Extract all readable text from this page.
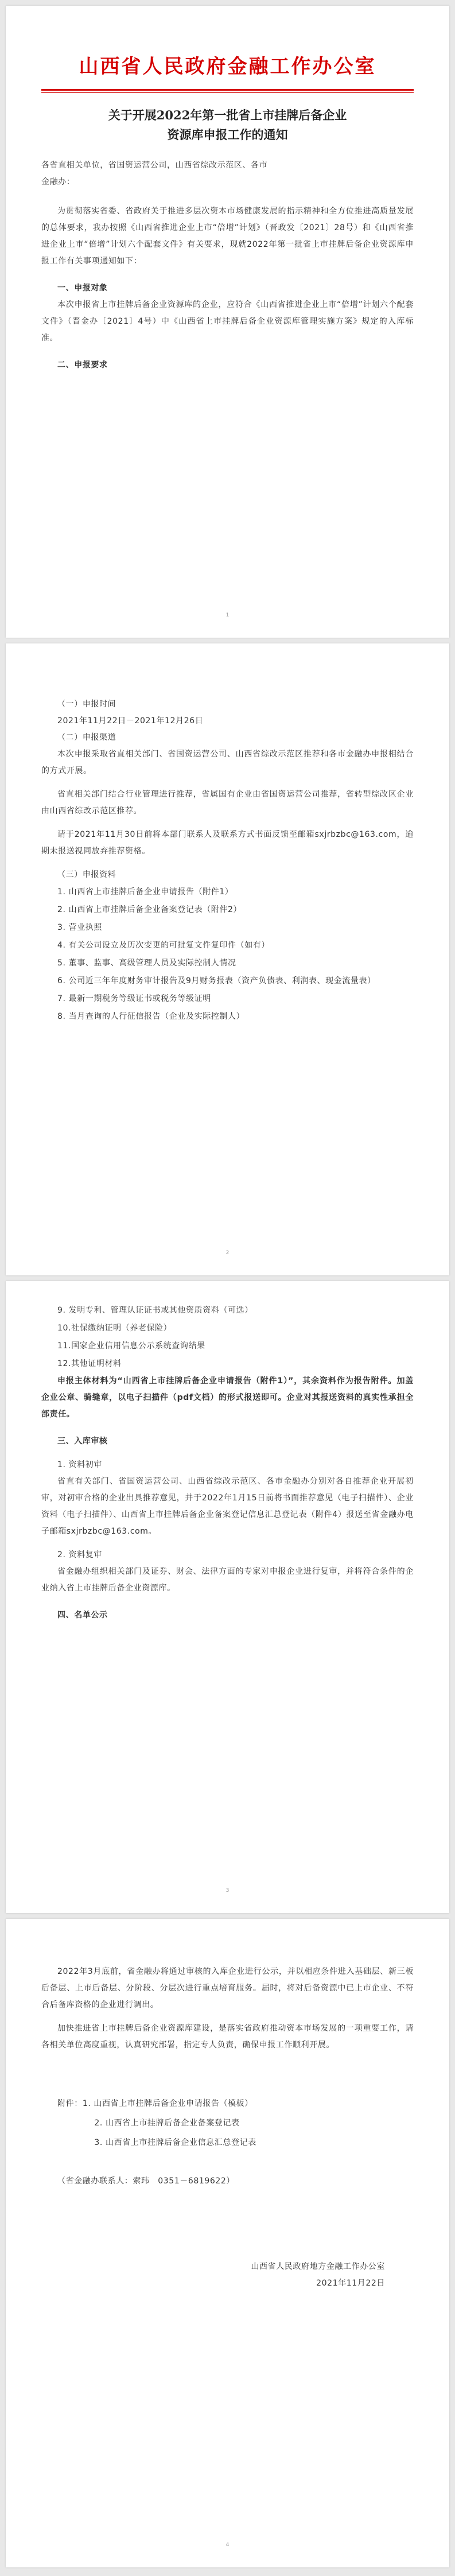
山西省人民政府金融工作办公室
关于开展2022年第一批省上市挂牌后备企业
资源库申报工作的通知

各省直相关单位，省国资运营公司，山西省综改示范区、各市

金融办：

为贯彻落实省委、省政府关于推进多层次资本市场健康发展的指示精神和全方位推进高质量发展的总体要求，我办按照《山西省推进企业上市“倍增”计划》（晋政发〔2021〕28号）和《山西省推进企业上市“倍增”计划六个配套文件》有关要求，现就2022年第一批省上市挂牌后备企业资源库申报工作有关事项通知如下：

一、申报对象

本次申报省上市挂牌后备企业资源库的企业，应符合《山西省推进企业上市“倍增”计划六个配套文件》（晋金办〔2021〕4号）中《山西省上市挂牌后备企业资源库管理实施方案》规定的入库标准。

二、申报要求

1

（一）申报时间

2021年11月22日－2021年12月26日

（二）申报渠道

本次申报采取省直相关部门、省国资运营公司、山西省综改示范区推荐和各市金融办申报相结合的方式开展。

省直相关部门结合行业管理进行推荐，省属国有企业由省国资运营公司推荐，省转型综改区企业由山西省综改示范区推荐。

请于2021年11月30日前将本部门联系人及联系方式书面反馈至邮箱sxjrbzbc@163.com，逾期未报送视同放弃推荐资格。

（三）申报资料

1. 山西省上市挂牌后备企业申请报告（附件1）
2. 山西省上市挂牌后备企业备案登记表（附件2）
3. 营业执照
4. 有关公司设立及历次变更的可批复文件复印件（如有）
5. 董事、监事、高级管理人员及实际控制人情况
6. 公司近三年年度财务审计报告及9月财务报表（资产负债表、利润表、现金流量表）
7. 最新一期税务等级证书或税务等级证明
8. 当月查询的人行征信报告（企业及实际控制人）
2
9. 发明专利、管理认证证书或其他资质资料（可选）
10.社保缴纳证明（养老保险）
11.国家企业信用信息公示系统查询结果
12.其他证明材料

申报主体材料为“山西省上市挂牌后备企业申请报告（附件1）”，其余资料作为报告附件。加盖企业公章、骑缝章，以电子扫描件（pdf文档）的形式报送即可。企业对其报送资料的真实性承担全部责任。

三、入库审核

1. 资料初审

省直有关部门、省国资运营公司、山西省综改示范区、各市金融办分别对各自推荐企业开展初审，对初审合格的企业出具推荐意见，并于2022年1月15日前将书面推荐意见（电子扫描件）、企业资料（电子扫描件）、山西省上市挂牌后备企业备案登记信息汇总登记表（附件4）报送至省金融办电子邮箱sxjrbzbc@163.com。

2. 资料复审

省金融办组织相关部门及证券、财会、法律方面的专家对申报企业进行复审，并将符合条件的企业纳入省上市挂牌后备企业资源库。

四、名单公示

3

2022年3月底前，省金融办将通过审核的入库企业进行公示，并以相应条件进入基础层、新三板后备层、上市后备层、分阶段、分层次进行重点培育服务。届时，将对后备资源中已上市企业、不符合后备库资格的企业进行调出。

加快推进省上市挂牌后备企业资源库建设，是落实省政府推动资本市场发展的一项重要工作，请各相关单位高度重视，认真研究部署，指定专人负责，确保申报工作顺利开展。

附件：1. 山西省上市挂牌后备企业申请报告（模板）

2. 山西省上市挂牌后备企业备案登记表

3. 山西省上市挂牌后备企业信息汇总登记表

（省金融办联系人：索玮　0351－6819622）

山西省人民政府地方金融工作办公室

2021年11月22日

4
